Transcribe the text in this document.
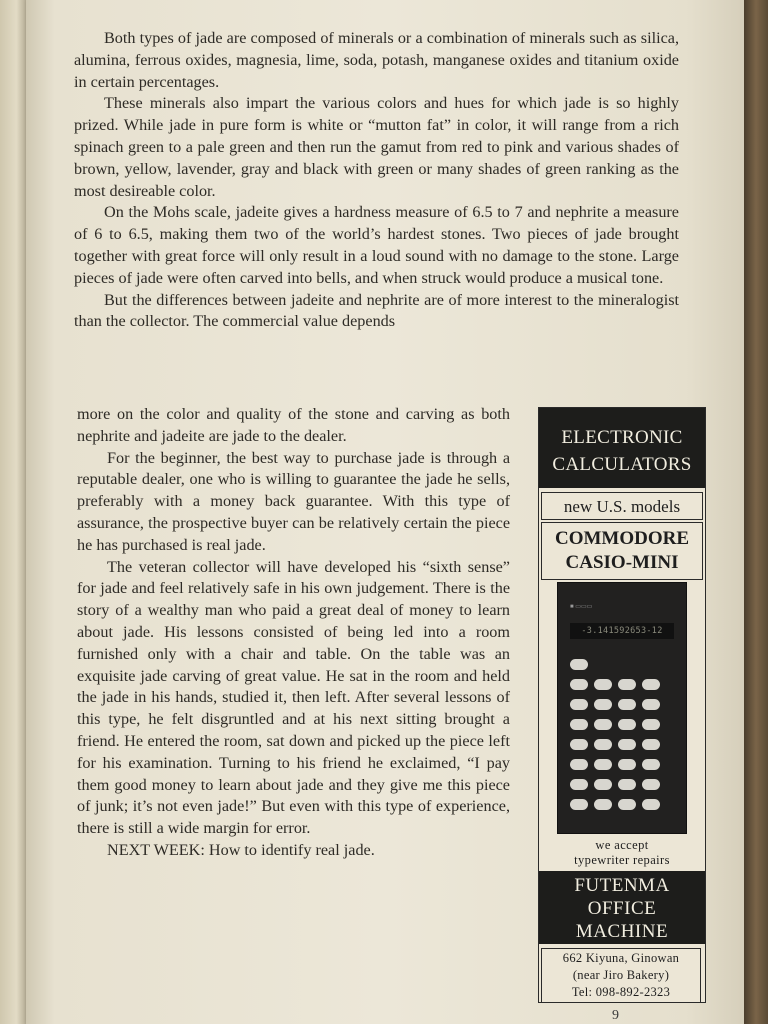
Both types of jade are composed of minerals or a combination of minerals such as silica, alumina, ferrous oxides, magnesia, lime, soda, potash, manganese oxides and titanium oxide in certain percentages.

These minerals also impart the various colors and hues for which jade is so highly prized. While jade in pure form is white or “mutton fat” in color, it will range from a rich spinach green to a pale green and then run the gamut from red to pink and various shades of brown, yellow, lavender, gray and black with green or many shades of green ranking as the most desireable color.

On the Mohs scale, jadeite gives a hardness measure of 6.5 to 7 and nephrite a measure of 6 to 6.5, making them two of the world’s hardest stones. Two pieces of jade brought together with great force will only result in a loud sound with no damage to the stone. Large pieces of jade were often carved into bells, and when struck would produce a musical tone.

But the differences between jadeite and nephrite are of more interest to the mineralogist than the collector. The commercial value depends

more on the color and quality of the stone and carving as both nephrite and jadeite are jade to the dealer.

For the beginner, the best way to purchase jade is through a reputable dealer, one who is willing to guarantee the jade he sells, preferably with a money back guarantee. With this type of assurance, the prospective buyer can be relatively certain the piece he has purchased is real jade.

The veteran collector will have developed his “sixth sense” for jade and feel relatively safe in his own judgement. There is the story of a wealthy man who paid a great deal of money to learn about jade. His lessons consisted of being led into a room furnished only with a chair and table. On the table was an exquisite jade carving of great value. He sat in the room and held the jade in his hands, studied it, then left. After several lessons of this type, he felt disgruntled and at his next sitting brought a friend. He entered the room, sat down and picked up the piece left for his examination. Turning to his friend he exclaimed, “I pay them good money to learn about jade and they give me this piece of junk; it’s not even jade!” But even with this type of experience, there is still a wide margin for error.

NEXT WEEK: How to identify real jade.

ELECTRONIC
CALCULATORS
new U.S. models
COMMODORE
CASIO-MINI
■ ▭▭▭
-3.141592653-12
we accept
typewriter repairs
FUTENMA
OFFICE
MACHINE
662 Kiyuna, Ginowan
(near Jiro Bakery)
Tel: 098-892-2323
9
